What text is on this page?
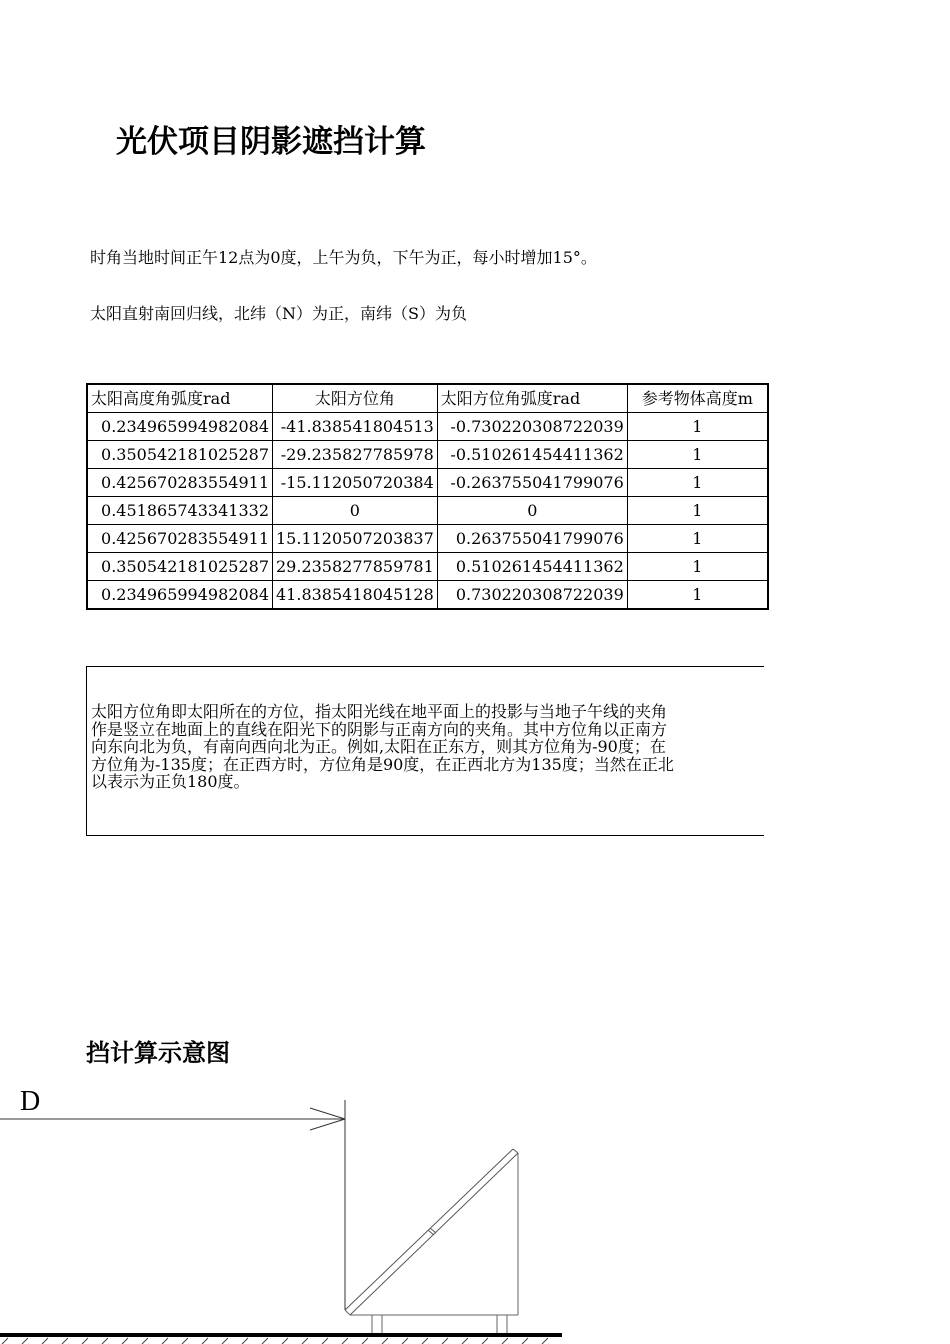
光伏项目阴影遮挡计算
时角当地时间正午12点为0度，上午为负，下午为正，每小时增加15°。
太阳直射南回归线，北纬（N）为正，南纬（S）为负
太阳高度角弧度rad	太阳方位角	太阳方位角弧度rad	参考物体高度m
0.234965994982084	-41.838541804513	-0.730220308722039	1
0.350542181025287	-29.235827785978	-0.510261454411362	1
0.425670283554911	-15.112050720384	-0.263755041799076	1
0.451865743341332	0	0	1
0.425670283554911	15.1120507203837	0.263755041799076	1
0.350542181025287	29.2358277859781	0.510261454411362	1
0.234965994982084	41.8385418045128	0.730220308722039	1
太阳方位角即太阳所在的方位，指太阳光线在地平面上的投影与当地子午线的夹角
作是竖立在地面上的直线在阳光下的阴影与正南方向的夹角。其中方位角以正南方
向东向北为负，有南向西向北为正。例如,太阳在正东方，则其方位角为-90度；在
方位角为-135度；在正西方时，方位角是90度，在正西北方为135度；当然在正北
以表示为正负180度。
挡计算示意图
D
